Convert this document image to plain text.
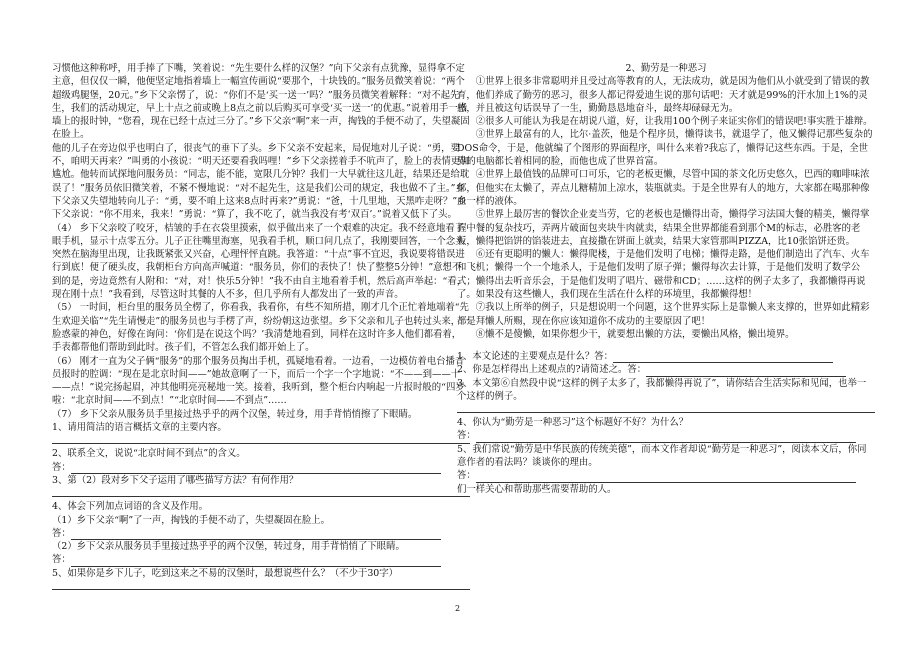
习惯他这种称呼，用手捧了下嘴，笑着说：“先生要什么样的汉堡？”向下父亲有点犹豫，显得拿不定主意，但仅仅一瞬，他便坚定地指着墙上一幅宣传画说“要那个，十块钱的。”服务员微笑着说：“两个超级鸡腿堡，20元。”乡下父亲愣了，说：“你们不是‘买一送一’吗？”服务员微笑着解释：“对不起先生，我们的活动规定，早上十点之前或晚上8点之前以后购买可享受‘买一送一’的优惠。”说着用手一指墙上的报时钟，“您看，现在已经十点过三分了。”乡下父亲“啊”来一声，掏钱的手便不动了，失望凝固在脸上。

他的儿子在旁边似乎也明白了，很丧气的垂下了头。乡下父亲不安起来，局促地对儿子说：“勇，要不，咱明天再来？”叫勇的小孩说：“明天还要看我吗哩！”乡下父亲搓着手不吭声了，脸上的表情更加尴尬。他转而试探地问服务员：“同志，能不能，宽限几分钟？我们一大早就往这儿赶，结果还是给耽误了！”服务员依旧微笑着，不紧不慢地说：“对不起先生，这是我们公司的规定，我也做不了主。”乡下父亲又失望地转向儿子：“勇，要不咱上这来8点时再来?”勇说：“爸，十几里地，天黑咋走呀？”乡下父亲说：“你不用来，我来！”勇说：“算了，我不吃了，就当我没有考‘双百’。”说着又低下了头。

（4） 乡下父亲咬了咬牙，桔皱的手在衣袋里摸索，似乎做出来了一个艰难的决定。我不经意地看了眼手机，显示十点零五分。儿子正往嘴里海塞，见我看手机，顺口问几点了，我刚要回答，一个念头突然在脑海里出现，让我既紧张又兴奋，心理怦怦直跳。我答道：“十点”事不宜迟，我说要将错误进行到底！便了硬头皮，我朝柜台方向高声喊道：“服务员，你们的表快了！快了整整5分钟！”意想不到的是，旁边竟然有人附和：“对，对！快乐5分钟！”我不由自主地看着手机，然后高声举起：“看，现在刚十点！”我看到，尽管这时其餐的人不多，但几乎所有人都发出了一致的声音。

（5） 一时间，柜台里的服务员全楞了，你看我，我看你，有些不知所措，刚才几个正忙着地端着“先生欢迎关临”“先生请慢走”的服务员也与手楞了声，纷纷朝这边张望。乡下父亲和儿子也转过头来，一脸惑蒙的神色，好像在询问：‘你们是在说这个吗？’我清楚地看到，同样在这时许多人他们都看着，手表都帮他们帮助到此时。孩子们，不管怎么我们都开始上了。

（6） 刚才一直为父子俩“服务”的那个服务员掏出手机，孤疑地看着。一边看，一边模仿着电台播音员报时的腔调：“现在是北京时间——”她故意啊了一下，而后一个字一个字地说：“不——到——十——点！”说完扬起眉，冲其他明亮亮秘地一笑。接着，我听到，整个柜台内响起一片报时般的“四岁啦：“北京时间——不到点！”“北京时间——不到点”……

（7） 乡下父亲从服务员手里接过热乎乎的两个汉堡，转过身，用手背悄悄擦了下眼睛。

1、请用简洁的语言概括文章的主要内容。

2、联系全文，说说“北京时间不到点”的含义。

答：

3、第（2）段对乡下父子运用了哪些描写方法？有何作用？

4、体会下列加点词语的含义及作用。

（1）乡下父亲“啊”了一声，掏钱的手便不动了，失望凝固在脸上。

答：

（2）乡下父亲从服务员手里接过热乎乎的两个汉堡，转过身，用手背悄悄了下眼睛。

答：

5、如果你是乡下儿子，吃到这来之不易的汉堡时，最想说些什么？（不少于30字）

2、勤劳是一种恶习

①世界上很多非常聪明并且受过高等教育的人，无法成功，就是因为他们从小就受到了错误的教育，他们养成了勤劳的恶习，很多人都记得爱迪生说的那句话吧：天才就是99%的汗水加上1%的灵感，并且被这句话误导了一生，勤勤恳恳地奋斗，最终却碌碌无为。

②很多人可能认为我是在胡说八道，好，让我用100个例子来证实你们的错误吧!事实胜于雄辩。

③世界上最富有的人，比尔·盖茨，他是个程序员，懒得读书，就退学了，他又懒得记那些复杂的DOS命令，于是，他就编了个图形的界面程序，叫什么来着?我忘了，懒得记这些东西。于是，全世界的电脑都长着相同的脸，而他也成了世界首富。

④世界上最值钱的品牌可口可乐，它的老板更懒，尽管中国的茶文化历史悠久，巴西的咖啡味浓郁，但他实在太懒了，弄点儿糖精加上凉水，装瓶就卖。于是全世界有人的地方，大家都在喝那种像血一样的液体。

⑤世界上最厉害的餐饮企业麦当劳，它的老板也是懒得出奇，懒得学习法国大餐的精美，懒得掌握中餐的复杂技巧，弄两片破面包夹块牛肉就卖，结果全世界都能看到那个M的标志，必胜客的老板，懒得把馅饼的馅装进去，直接撒在饼面上就卖，结果大家管那叫PIZZA，比10张馅饼还贵。

⑥还有更聪明的懒人：懒得爬楼，于是他们发明了电梯；懒得走路，是他们制造出了汽车、火车和飞机；懒得一个一个地杀人，于是他们发明了原子弹；懒得每次去计算，于是他们发明了数学公式；懒得出去听音乐会，于是他们发明了唱片、磁带和CD；……这样的例子太多了，我都懒得再说了。如果没有这些懒人，我们现在生活在什么样的环境里，我都懒得想！

⑦我以上所举的例子，只是想说明一个问题，这个世界实际上是靠懒人来支撑的，世界如此精彩都是拜懒人所赐，现在你应该知道你不成功的主要原因了吧！

⑧懒不是傻懒，如果你想少干，就要想出懒的方法，要懒出风格，懒出境界。

1、本文论述的主要观点是什么？答：

2、你是怎样得出上述观点的?请简述之。答：

3、本文第⑥自然段中说“这样的例子太多了，我都懒得再说了”，请你结合生活实际和见闻，也举一个这样的例子。

4、你认为“勤劳是一种恶习”这个标题好不好？为什么？

答：

5、我们常说“勤劳是中华民族的传统美德”，而本文作者却说“勤劳是一种恶习”，阅读本文后，你同意作者的看法吗？谈谈你的理由。

答：

们一样关心和帮助那些需要帮助的人。

2
